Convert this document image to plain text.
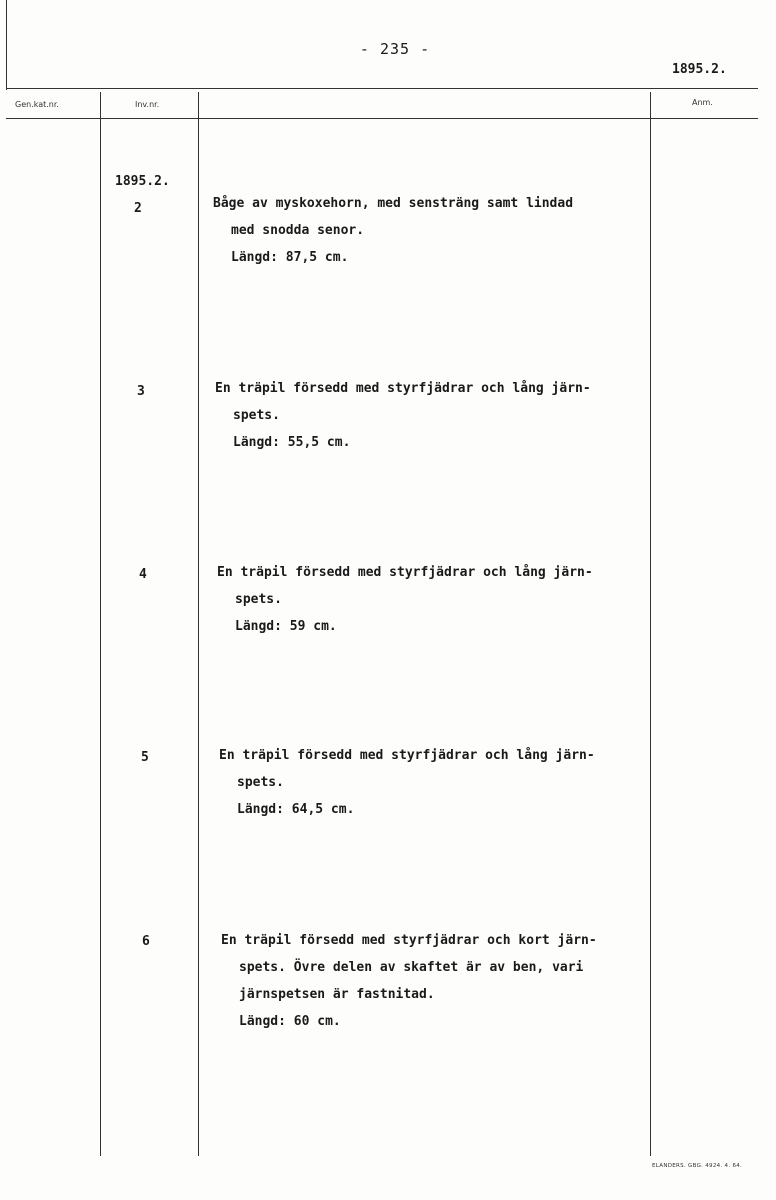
- 235 -
1895.2.
Gen.kat.nr.	Inv.nr.	Anm.
1895.2.
2	Båge av myskoxehorn, med sensträng samt lindad
med snodda senor.
Längd: 87,5 cm.
3	En träpil försedd med styrfjädrar och lång järn-
spets.
Längd: 55,5 cm.
4	En träpil försedd med styrfjädrar och lång järn-
spets.
Längd: 59 cm.
5	En träpil försedd med styrfjädrar och lång järn-
spets.
Längd: 64,5 cm.
6	En träpil försedd med styrfjädrar och kort järn-
spets. Övre delen av skaftet är av ben, vari
järnspetsen är fastnitad.
Längd: 60 cm.
ELANDERS. GBG. 4924. 4. 64.
